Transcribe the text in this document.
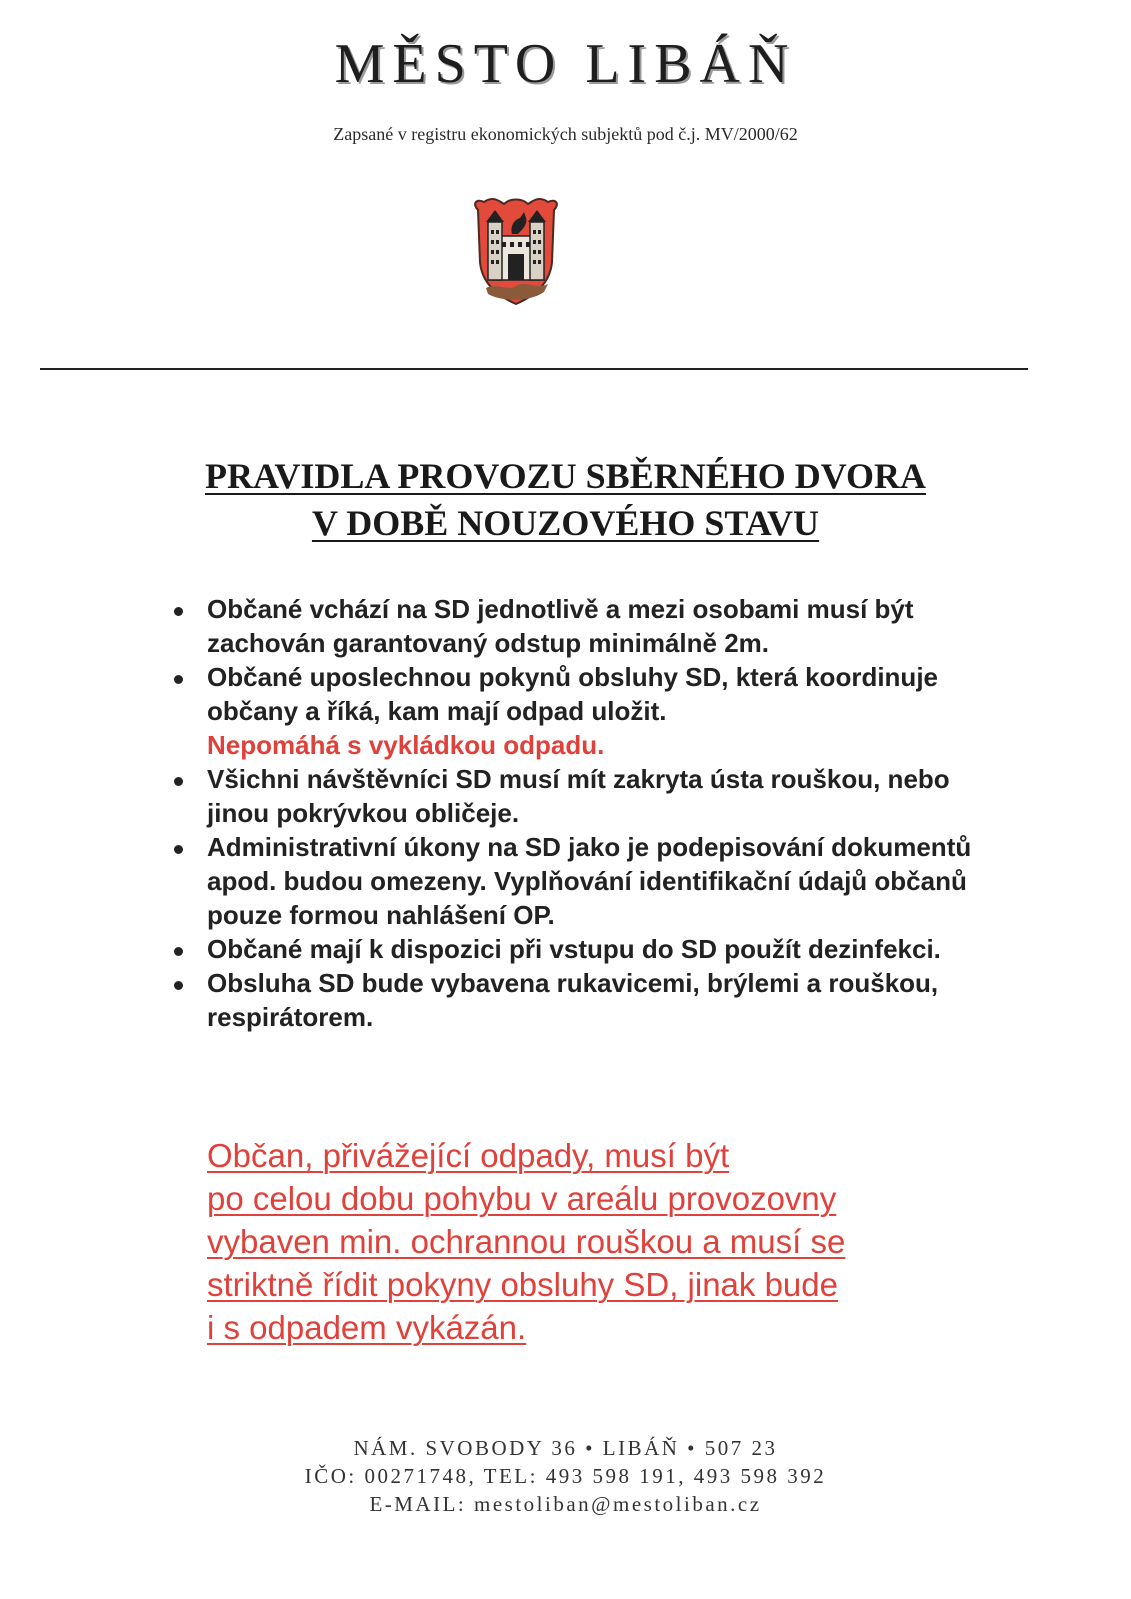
MĚSTO LIBÁŇ
Zapsané v registru ekonomických subjektů pod č.j. MV/2000/62
PRAVIDLA PROVOZU SBĚRNÉHO DVORA
V DOBĚ NOUZOVÉHO STAVU
Občané vchází na SD jednotlivě a mezi osobami musí být zachován garantovaný odstup minimálně 2m.
Občané uposlechnou pokynů obsluhy SD, která koordinuje občany a říká, kam mají odpad uložit.
Nepomáhá s vykládkou odpadu.
Všichni návštěvníci SD musí mít zakryta ústa rouškou, nebo jinou pokrývkou obličeje.
Administrativní úkony na SD jako je podepisování dokumentů apod. budou omezeny. Vyplňování identifikační údajů občanů pouze formou nahlášení OP.
Občané mají k dispozici při vstupu do SD použít dezinfekci.
Obsluha SD bude vybavena rukavicemi, brýlemi a rouškou, respirátorem.
Občan, přivážející odpady, musí být
po celou dobu pohybu v areálu provozovny
vybaven min. ochrannou rouškou a musí se
striktně řídit pokyny obsluhy SD, jinak bude
i s odpadem vykázán.
NÁM. SVOBODY 36 • LIBÁŇ • 507 23
IČO: 00271748, TEL: 493 598 191, 493 598 392
E-MAIL: mestoliban@mestoliban.cz
